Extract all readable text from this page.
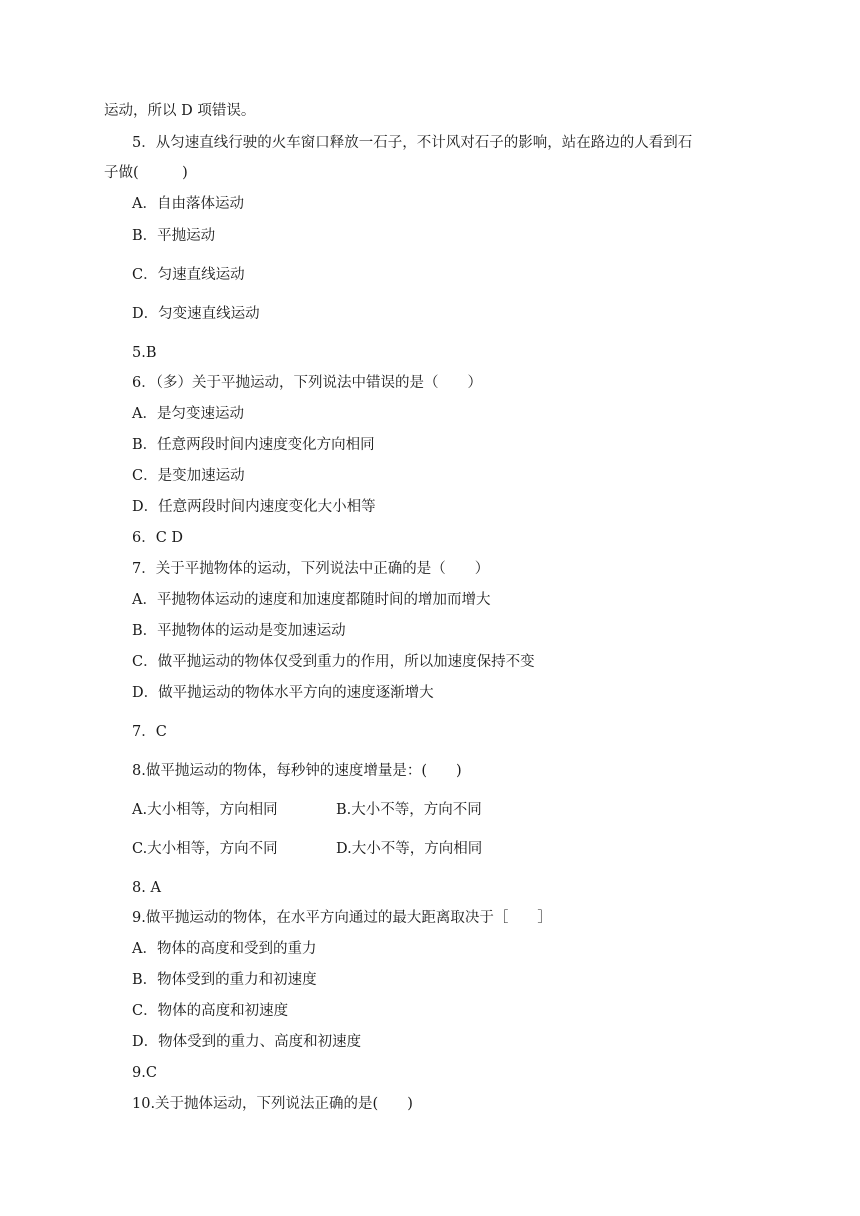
运动，所以 D 项错误。
5．从匀速直线行驶的火车窗口释放一石子，不计风对石子的影响，站在路边的人看到石
子做(　　　)
A．自由落体运动
B．平抛运动
C．匀速直线运动
D．匀变速直线运动
5.B
6．（多）关于平抛运动，下列说法中错误的是（　　）
A．是匀变速运动
B．任意两段时间内速度变化方向相同
C．是变加速运动
D．任意两段时间内速度变化大小相等
6．C D
7．关于平抛物体的运动，下列说法中正确的是（　　）
A．平抛物体运动的速度和加速度都随时间的增加而增大
B．平抛物体的运动是变加速运动
C．做平抛运动的物体仅受到重力的作用，所以加速度保持不变
D．做平抛运动的物体水平方向的速度逐渐增大
7．C
8.做平抛运动的物体，每秒钟的速度增量是：(　　)
A.大小相等，方向相同	B.大小不等，方向不同
C.大小相等，方向不同	D.大小不等，方向相同
8. A
9.做平抛运动的物体，在水平方向通过的最大距离取决于［　　］
A．物体的高度和受到的重力
B．物体受到的重力和初速度
C．物体的高度和初速度
D．物体受到的重力、高度和初速度
9.C
10.关于抛体运动，下列说法正确的是(　　)
